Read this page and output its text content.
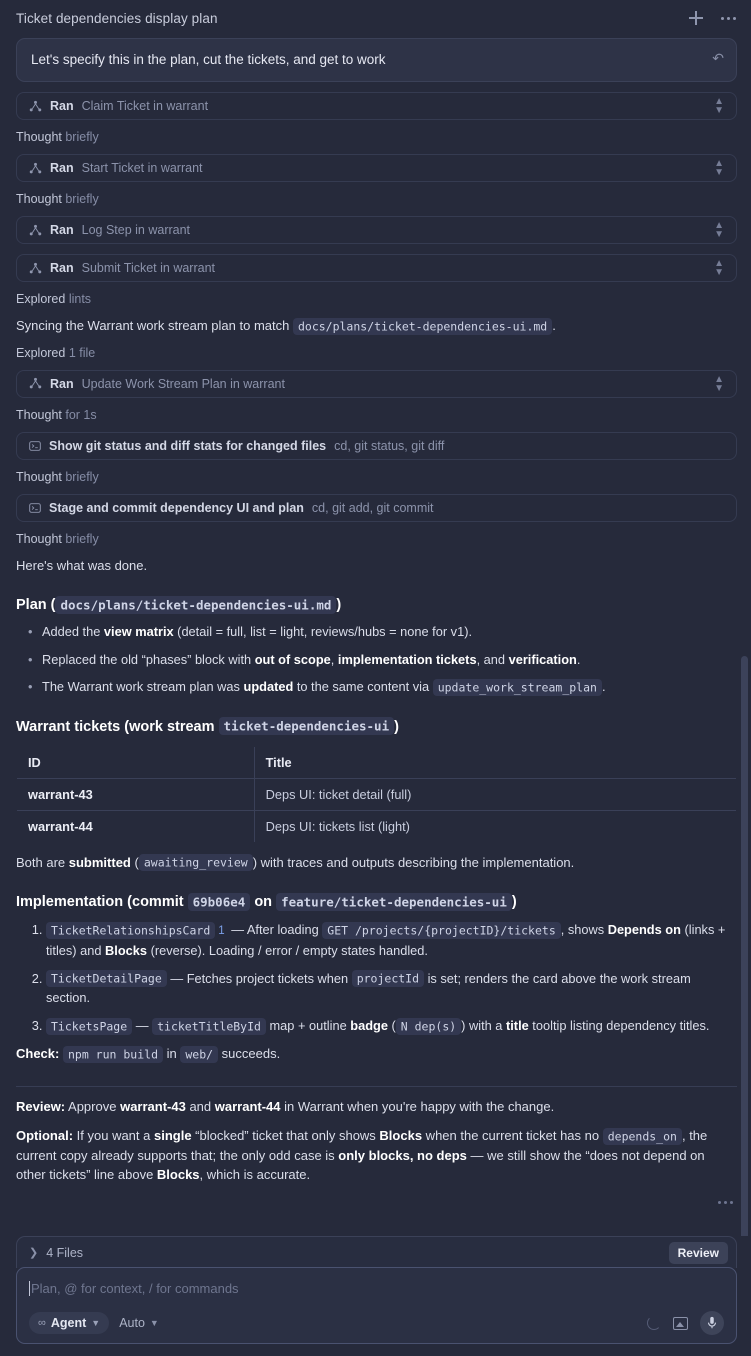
Ticket dependencies display plan
Let's specify this in the plan, cut the tickets, and get to work	↶
Ran Claim Ticket in warrant	▲
▼
Thought briefly
Ran Start Ticket in warrant	▲
▼
Thought briefly
Ran Log Step in warrant	▲
▼
Ran Submit Ticket in warrant	▲
▼
Explored lints
Syncing the Warrant work stream plan to match docs/plans/ticket-dependencies-ui.md .
Explored 1 file
Ran Update Work Stream Plan in warrant	▲
▼
Thought for 1s
Show git status and diff stats for changed files cd, git status, git diff
Thought briefly
Stage and commit dependency UI and plan cd, git add, git commit
Thought briefly
Here's what was done.
Plan ( docs/plans/ticket-dependencies-ui.md )
• Added the view matrix (detail = full, list = light, reviews/hubs = none for v1).
• Replaced the old “phases” block with out of scope, implementation tickets, and verification.
• The Warrant work stream plan was updated to the same content via update_work_stream_plan .
Warrant tickets (work stream ticket-dependencies-ui )
ID	Title
warrant-43	Deps UI: ticket detail (full)
warrant-44	Deps UI: tickets list (light)
Both are submitted ( awaiting_review ) with traces and outputs describing the implementation.
Implementation (commit 69b06e4 on feature/ticket-dependencies-ui )
1. TicketRelationshipsCard 1 — After loading GET /projects/{projectID}/tickets , shows Depends on (links + titles) and Blocks (reverse). Loading / error / empty states handled.
2. TicketDetailPage — Fetches project tickets when projectId is set; renders the card above the work stream section.
3. TicketsPage — ticketTitleById map + outline badge ( N dep(s) ) with a title tooltip listing dependency titles.
Check: npm run build in web/ succeeds.
Review: Approve warrant-43 and warrant-44 in Warrant when you're happy with the change.
Optional: If you want a single “blocked” ticket that only shows Blocks when the current ticket has no depends_on , the current copy already supports that; the only odd case is only blocks, no deps — we still show the “does not depend on other tickets” line above Blocks, which is accurate.
❯ 4 Files	Review
Plan, @ for context, / for commands
∞ Agent ▼ Auto ▼
